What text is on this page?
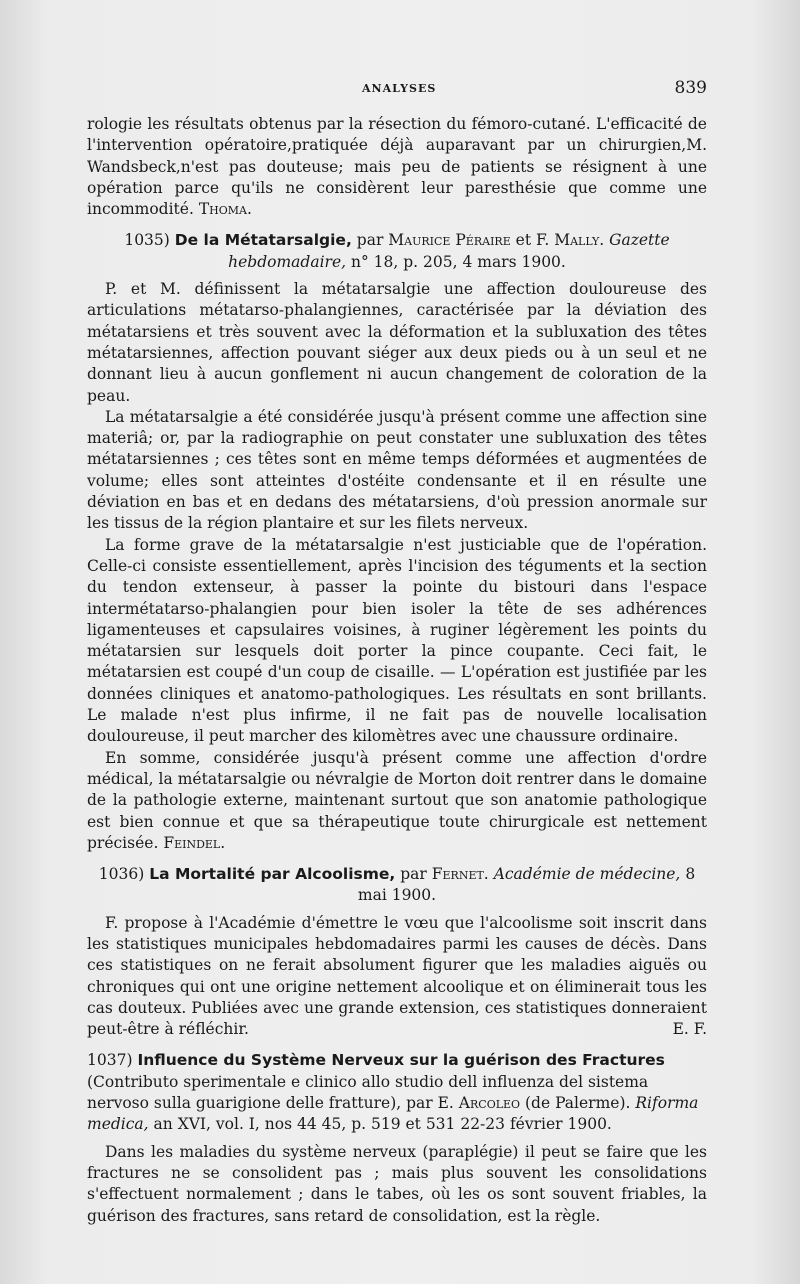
ANALYSES	839

rologie les résultats obtenus par la résection du fémoro-cutané. L'efficacité de l'intervention opératoire,pratiquée déjà auparavant par un chirurgien,M. Wandsbeck,n'est pas douteuse; mais peu de patients se résignent à une opération parce qu'ils ne considèrent leur paresthésie que comme une incommodité. Thoma.

1035) De la Métatarsalgie, par Maurice Péraire et F. Mally. Gazette hebdomadaire, n° 18, p. 205, 4 mars 1900.

P. et M. définissent la métatarsalgie une affection douloureuse des articulations métatarso-phalangiennes, caractérisée par la déviation des métatarsiens et très souvent avec la déformation et la subluxation des têtes métatarsiennes, affection pouvant siéger aux deux pieds ou à un seul et ne donnant lieu à aucun gonflement ni aucun changement de coloration de la peau.

La métatarsalgie a été considérée jusqu'à présent comme une affection sine materiâ; or, par la radiographie on peut constater une subluxation des têtes métatarsiennes ; ces têtes sont en même temps déformées et augmentées de volume; elles sont atteintes d'ostéite condensante et il en résulte une déviation en bas et en dedans des métatarsiens, d'où pression anormale sur les tissus de la région plantaire et sur les filets nerveux.

La forme grave de la métatarsalgie n'est justiciable que de l'opération. Celle-ci consiste essentiellement, après l'incision des téguments et la section du tendon extenseur, à passer la pointe du bistouri dans l'espace intermétatarso-phalangien pour bien isoler la tête de ses adhérences ligamenteuses et capsulaires voisines, à ruginer légèrement les points du métatarsien sur lesquels doit porter la pince coupante. Ceci fait, le métatarsien est coupé d'un coup de cisaille. — L'opération est justifiée par les données cliniques et anatomo-pathologiques. Les résultats en sont brillants. Le malade n'est plus infirme, il ne fait pas de nouvelle localisation douloureuse, il peut marcher des kilomètres avec une chaussure ordinaire.

En somme, considérée jusqu'à présent comme une affection d'ordre médical, la métatarsalgie ou névralgie de Morton doit rentrer dans le domaine de la pathologie externe, maintenant surtout que son anatomie pathologique est bien connue et que sa thérapeutique toute chirurgicale est nettement précisée. Feindel.

1036) La Mortalité par Alcoolisme, par Fernet. Académie de médecine, 8 mai 1900.

F. propose à l'Académie d'émettre le vœu que l'alcoolisme soit inscrit dans les statistiques municipales hebdomadaires parmi les causes de décès. Dans ces statistiques on ne ferait absolument figurer que les maladies aiguës ou chroniques qui ont une origine nettement alcoolique et on éliminerait tous les cas douteux. Publiées avec une grande extension, ces statistiques donneraient peut-être à réfléchir.	E. F.

1037) Influence du Système Nerveux sur la guérison des Fractures (Contributo sperimentale e clinico allo studio dell influenza del sistema nervoso sulla guarigione delle fratture), par E. Arcoleo (de Palerme). Riforma medica, an XVI, vol. I, nos 44 45, p. 519 et 531 22-23 février 1900.

Dans les maladies du système nerveux (paraplégie) il peut se faire que les fractures ne se consolident pas ; mais plus souvent les consolidations s'effectuent normalement ; dans le tabes, où les os sont souvent friables, la guérison des fractures, sans retard de consolidation, est la règle.
